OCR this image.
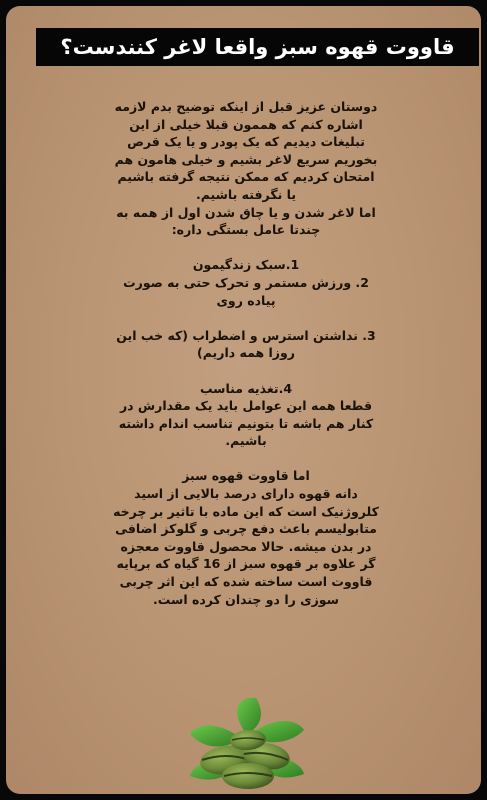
قاووت قهوه سبز واقعا لاغر کنندست؟

دوستان عزیز قبل از اینکه توضیح بدم لازمه

اشاره کنم که هممون قبلا خیلی از این

تبلیغات دیدیم که یک پودر و یا یک قرص

بخوریم سریع لاغر بشیم و خیلی هامون هم

امتحان کردیم که ممکن نتیجه گرفته باشیم

یا نگرفته باشیم.

اما لاغر شدن و یا چاق شدن اول از همه به

چندتا عامل بستگی داره:

1.سبک زندگیمون

2. ورزش مستمر و تحرک حتی به صورت

پیاده روی

3. نداشتن استرس و اضطراب (که خب این

روزا همه داریم)

4.تغذیه مناسب

قطعا همه این عوامل باید یک مقدارش در

کنار هم باشه تا بتونیم تناسب اندام داشته

باشیم.

اما قاووت قهوه سبز

دانه قهوه دارای درصد بالایی از اسید

کلروژنیک است که این ماده با تاثیر بر چرخه

متابولیسم باعث دفع چربی و گلوکز اضافی

در بدن میشه. حالا محصول قاووت معجزه

گر علاوه بر قهوه سبز از 16 گیاه که برپایه

قاووت است ساخته شده که این اثر چربی

سوزی را دو چندان کرده است.
